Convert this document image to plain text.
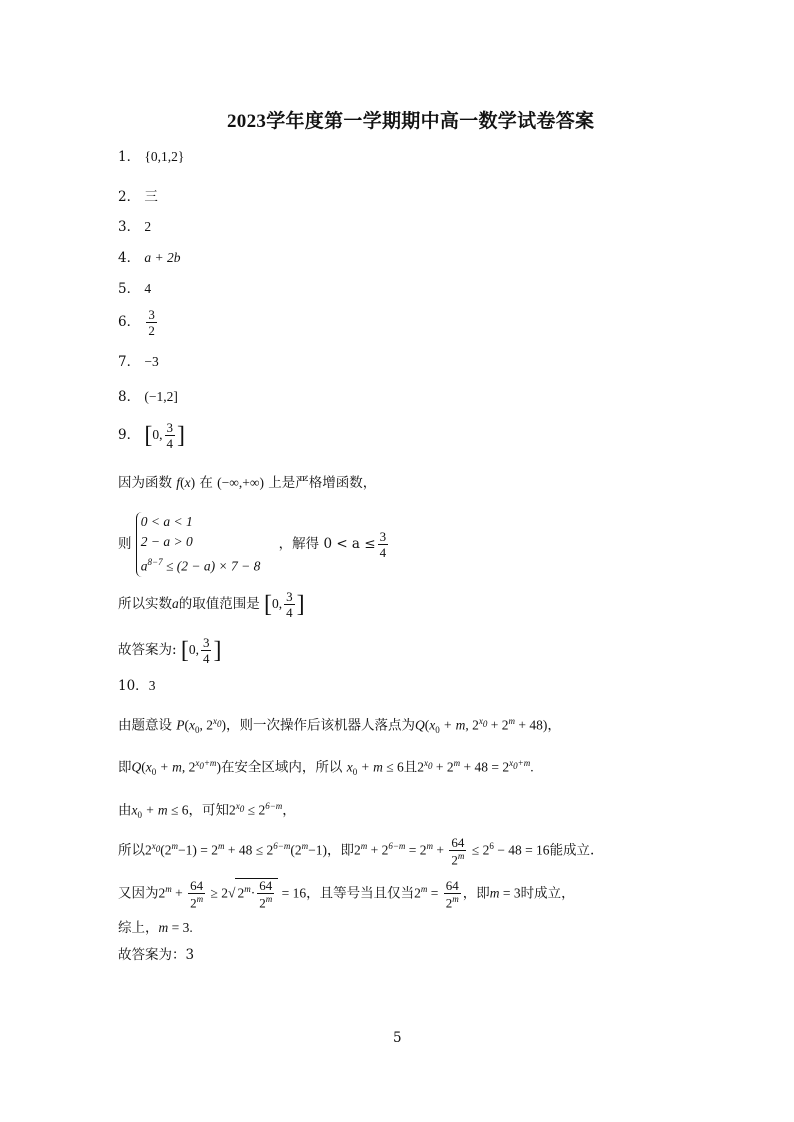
2023学年度第一学期期中高一数学试卷答案
1． {0,1,2}
2． 三
3． 2
4． a + 2b
5． 4
6． $\frac{3}{2}$
7． −3
8． (−1,2]
9． [0, $\frac{3}{4}$ ]
因为函数 f(x) 在 (−∞,+∞) 上是严格增函数，
则 0 < a < 1
2 − a > 0
$a^{8-7} \le (2 - a) \times 7 - 8$ ，解得 $0 < a \le \frac{3}{4}$
所以实数a的取值范围是 [0, $\frac{3}{4}$ ]
故答案为: [0, $\frac{3}{4}$ ]
10．3
由题意设 $P(x_0$, $2^{x_0}$)，则一次操作后该机器人落点为$Q(x_0 + m$, $2^{x_0} + 2^m + 48$)，
即$Q(x_0 + m$, $2^{x_0+m}$)在安全区域内，所以 $x_0 + m \le 6$且$2^{x_0} + 2^m + 48 = 2^{x_0+m}$.
由$x_0 + m \le 6$，可知$2^{x_0} \le 2^{6-m}$，
所以$2^{x_0}(2^m-1) = 2^m + 48 \le 2^{6-m}(2^m-1)$，即$2^m + 2^{6-m} = 2^m + \frac{64}{2^m} \le 2^6 - 48 = 16$能成立.
又因为$2^m + \frac{64}{2^m} \ge 2√$ $2^m\cdot \frac{64}{2^m} = 16$，且等号当且仅当$2^m = \frac{64}{2^m}$ ，即m = 3时成立，
综上，m = 3.
故答案为：3
5
